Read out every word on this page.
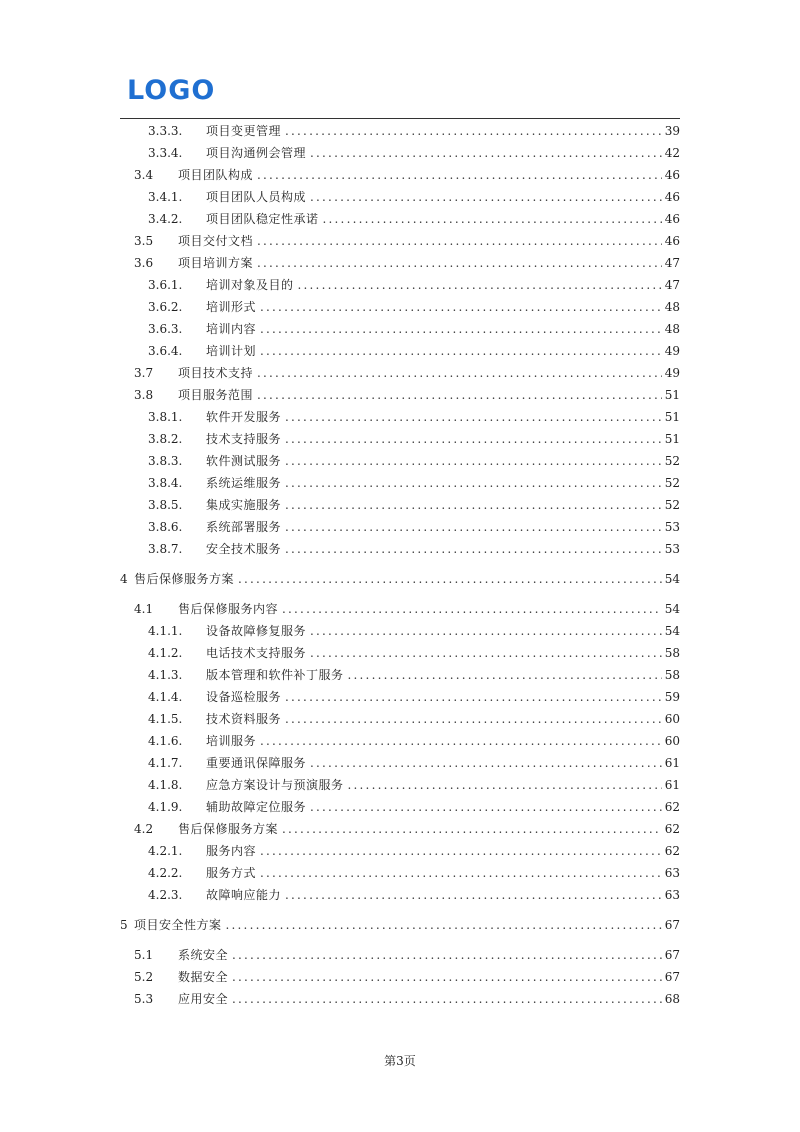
LOGO
3.3.3.	项目变更管理 .....	39
3.3.4.	项目沟通例会管理 .....	42
3.4	项目团队构成 .....	46
3.4.1.	项目团队人员构成 .....	46
3.4.2.	项目团队稳定性承诺 .....	46
3.5	项目交付文档 .....	46
3.6	项目培训方案 .....	47
3.6.1.	培训对象及目的 .....	47
3.6.2.	培训形式 .....	48
3.6.3.	培训内容 .....	48
3.6.4.	培训计划 .....	49
3.7	项目技术支持 .....	49
3.8	项目服务范围 .....	51
3.8.1.	软件开发服务 .....	51
3.8.2.	技术支持服务 .....	51
3.8.3.	软件测试服务 .....	52
3.8.4.	系统运维服务 .....	52
3.8.5.	集成实施服务 .....	52
3.8.6.	系统部署服务 .....	53
3.8.7.	安全技术服务 .....	53
4 售后保修服务方案 .....	54
4.1	售后保修服务内容 .....	54
4.1.1.	设备故障修复服务 .....	54
4.1.2.	电话技术支持服务 .....	58
4.1.3.	版本管理和软件补丁服务 .....	58
4.1.4.	设备巡检服务 .....	59
4.1.5.	技术资料服务 .....	60
4.1.6.	培训服务 .....	60
4.1.7.	重要通讯保障服务 .....	61
4.1.8.	应急方案设计与预演服务 .....	61
4.1.9.	辅助故障定位服务 .....	62
4.2	售后保修服务方案 .....	62
4.2.1.	服务内容 .....	62
4.2.2.	服务方式 .....	63
4.2.3.	故障响应能力 .....	63
5 项目安全性方案 .....	67
5.1	系统安全 .....	67
5.2	数据安全 .....	67
5.3	应用安全 .....	68
第3页
